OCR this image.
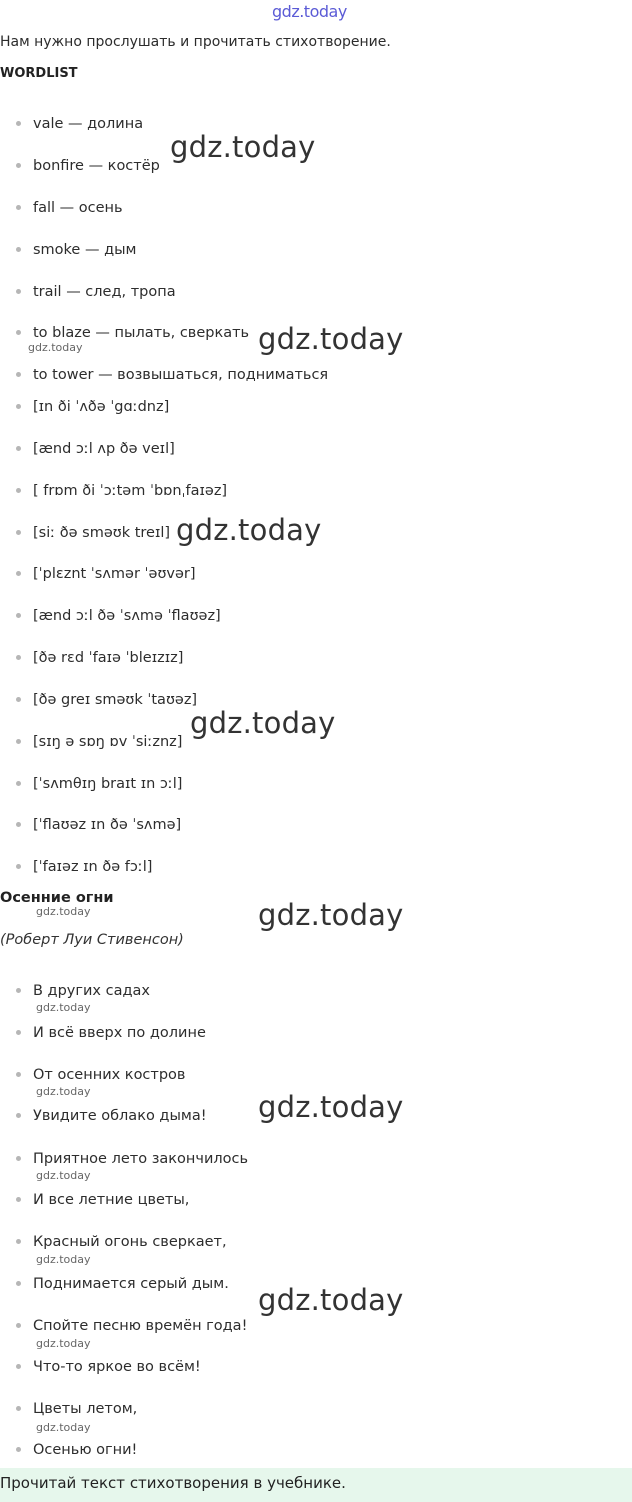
gdz.today
Нам нужно прослушать и прочитать стихотворение.
WORDLIST
vale — долина
bonfire — костёр
fall — осень
smoke — дым
trail — след, тропа
to blaze — пылать, сверкать
to tower — возвышаться, подниматься
[ɪn ði ˈʌðə ˈgɑːdnz]
[ænd ɔːl ʌp ðə veɪl]
[ frɒm ði ˈɔːtəm ˈbɒnˌfaɪəz]
[siː ðə sməʊk treɪl]
[ˈplɛznt ˈsʌmər ˈəʊvər]
[ænd ɔːl ðə ˈsʌmə ˈflaʊəz]
[ðə rɛd ˈfaɪə ˈbleɪzɪz]
[ðə greɪ sməʊk ˈtaʊəz]
[sɪŋ ə sɒŋ ɒv ˈsiːznz]
[ˈsʌmθɪŋ braɪt ɪn ɔːl]
[ˈflaʊəz ɪn ðə ˈsʌmə]
[ˈfaɪəz ɪn ðə fɔːl]
Осенние огни
(Роберт Луи Стивенсон)
В других садах
И всё вверх по долине
От осенних костров
Увидите облако дыма!
Приятное лето закончилось
И все летние цветы,
Красный огонь сверкает,
Поднимается серый дым.
Спойте песню времён года!
Что-то яркое во всём!
Цветы летом,
Осенью огни!
gdz.today
gdz.today
gdz.today
gdz.today
gdz.today
gdz.today
gdz.today
gdz.today
gdz.today
gdz.today
gdz.today
gdz.today
gdz.today
gdz.today
gdz.today
Прочитай текст стихотворения в учебнике.
